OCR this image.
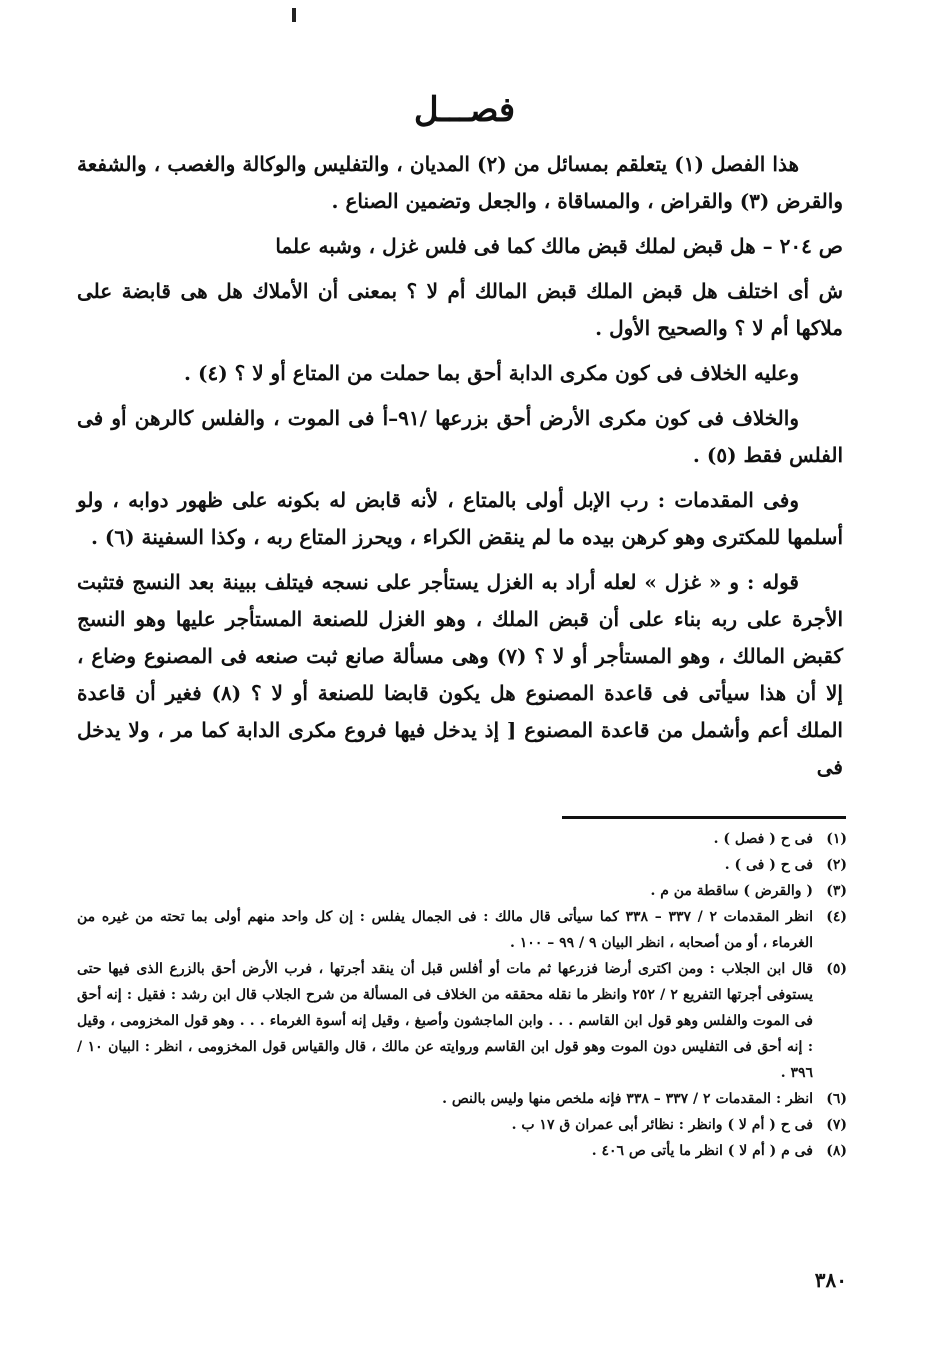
فصـــل

هذا الفصل (١) يتعلقم بمسائل من (٢) المديان ، والتفليس والوكالة والغصب ، والشفعة والقرض (٣) والقراض ، والمساقاة ، والجعل وتضمين الصناع .

ص ٢٠٤ – هل قبض لملك قبض مالك كما فى فلس غزل ، وشبه علما

ش أى اختلف هل قبض الملك قبض المالك أم لا ؟ بمعنى أن الأملاك هل هى قابضة على ملاكها أم لا ؟ والصحيح الأول .

وعليه الخلاف فى كون مكرى الدابة أحق بما حملت من المتاع أو لا ؟ (٤) .

والخلاف فى كون مكرى الأرض أحق بزرعها /٩١–أ فى الموت ، والفلس كالرهن أو فى الفلس فقط (٥) .

وفى المقدمات : رب الإبل أولى بالمتاع ، لأنه قابض له بكونه على ظهور دوابه ، ولو أسلمها للمكترى وهو كرهن بيده ما لم ينقض الكراء ، ويحرز المتاع ربه ، وكذا السفينة (٦) .

قوله : و « غزل » لعله أراد به الغزل يستأجر على نسجه فيتلف ببينة بعد النسج فتثبت الأجرة على ربه بناء على أن قبض الملك ، وهو الغزل للصنعة المستأجر عليها وهو النسج كقبض المالك ، وهو المستأجر أو لا ؟ (٧) وهى مسألة صانع ثبت صنعه فى المصنوع وضاع ، إلا أن هذا سيأتى فى قاعدة المصنوع هل يكون قابضا للصنعة أو لا ؟ (٨) فغير أن قاعدة الملك أعم وأشمل من قاعدة المصنوع [ إذ يدخل فيها فروع مكرى الدابة كما مر ، ولا يدخل فى

(١)
فى ح ( فصل ) .
(٢)
فى ح ( فى ) .
(٣)
( والقرض ) ساقطة من م .
(٤)
انظر المقدمات ٢ / ٣٣٧ – ٣٣٨ كما سيأتى قال مالك : فى الجمال يفلس : إن كل واحد منهم أولى بما تحته من غيره من الغرماء ، أو من أصحابه ، انظر البيان ٩ / ٩٩ – ١٠٠ .
(٥)
قال ابن الجلاب : ومن اكترى أرضا فزرعها ثم مات أو أفلس قبل أن ينقد أجرتها ، فرب الأرض أحق بالزرع الذى فيها حتى يستوفى أجرتها التفريع ٢ / ٢٥٢ وانظر ما نقله محققه من الخلاف فى المسألة من شرح الجلاب قال ابن رشد : فقيل : إنه أحق فى الموت والفلس وهو قول ابن القاسم . . . وابن الماجشون وأصبغ ، وقيل إنه أسوة الغرماء . . . وهو قول المخزومى ، وقيل : إنه أحق فى التفليس دون الموت وهو قول ابن القاسم وروايته عن مالك ، قال والقياس قول المخزومى ، انظر : البيان ١٠ / ٣٩٦ .
(٦)
انظر : المقدمات ٢ / ٣٣٧ – ٣٣٨ فإنه ملخص منها وليس بالنص .
(٧)
فى ح ( أم لا ) وانظر : نظائر أبى عمران ق ١٧ ب .
(٨)
فى م ( أم لا ) انظر ما يأتى ص ٤٠٦ .
٣٨٠
